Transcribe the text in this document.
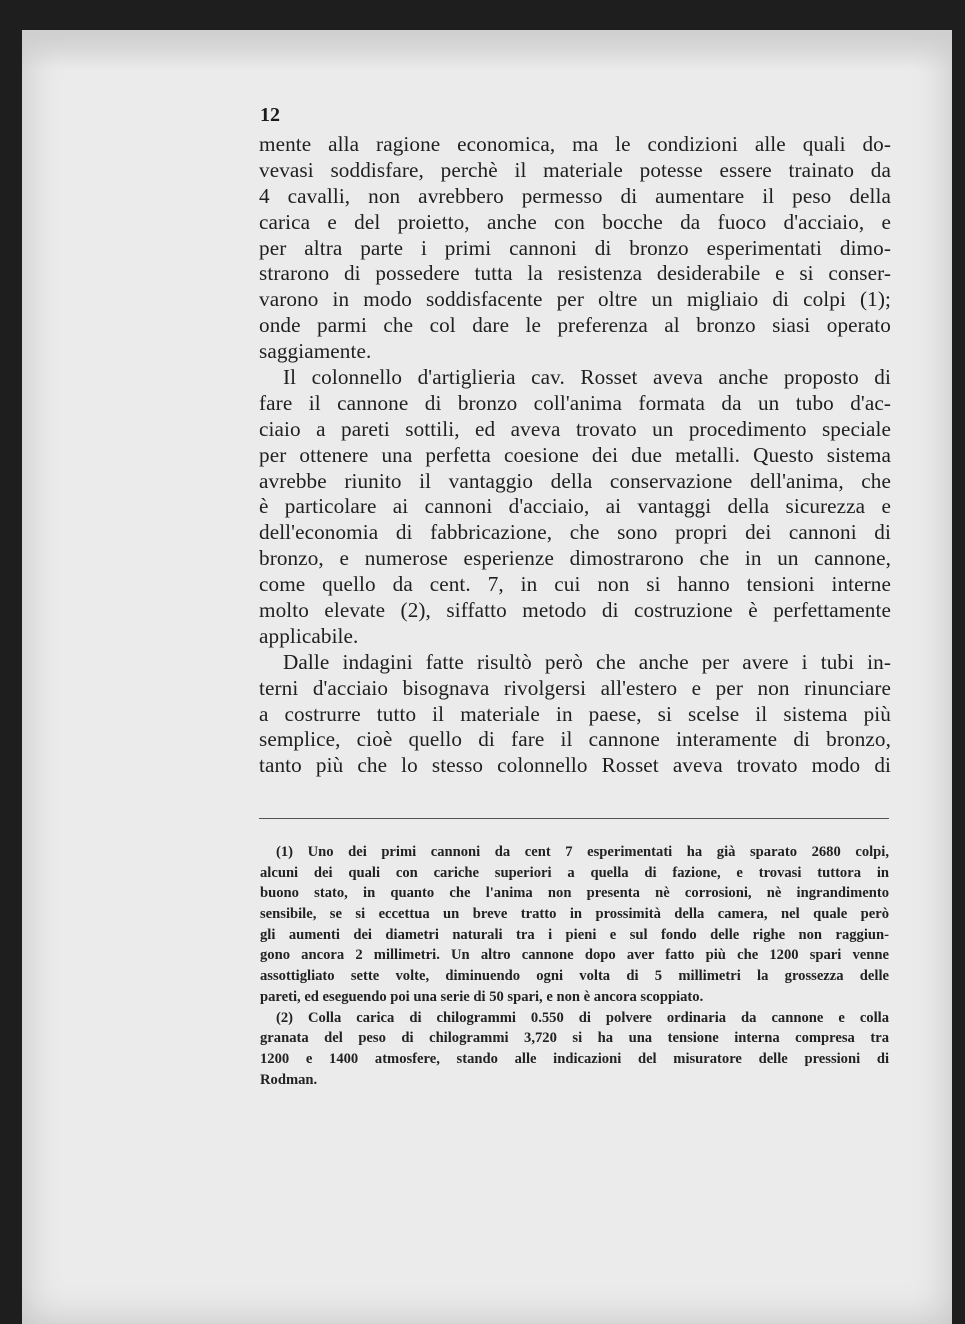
12
mente alla ragione economica, ma le condizioni alle quali do-
vevasi soddisfare, perchè il materiale potesse essere trainato da
4 cavalli, non avrebbero permesso di aumentare il peso della
carica e del proietto, anche con bocche da fuoco d'acciaio, e
per altra parte i primi cannoni di bronzo esperimentati dimo-
strarono di possedere tutta la resistenza desiderabile e si conser-
varono in modo soddisfacente per oltre un migliaio di colpi (1);
onde parmi che col dare le preferenza al bronzo siasi operato
saggiamente.
Il colonnello d'artiglieria cav. Rosset aveva anche proposto di
fare il cannone di bronzo coll'anima formata da un tubo d'ac-
ciaio a pareti sottili, ed aveva trovato un procedimento speciale
per ottenere una perfetta coesione dei due metalli. Questo sistema
avrebbe riunito il vantaggio della conservazione dell'anima, che
è particolare ai cannoni d'acciaio, ai vantaggi della sicurezza e
dell'economia di fabbricazione, che sono propri dei cannoni di
bronzo, e numerose esperienze dimostrarono che in un cannone,
come quello da cent. 7, in cui non si hanno tensioni interne
molto elevate (2), siffatto metodo di costruzione è perfettamente
applicabile.
Dalle indagini fatte risultò però che anche per avere i tubi in-
terni d'acciaio bisognava rivolgersi all'estero e per non rinunciare
a costrurre tutto il materiale in paese, si scelse il sistema più
semplice, cioè quello di fare il cannone interamente di bronzo,
tanto più che lo stesso colonnello Rosset aveva trovato modo di
(1) Uno dei primi cannoni da cent 7 esperimentati ha già sparato 2680 colpi,
alcuni dei quali con cariche superiori a quella di fazione, e trovasi tuttora in
buono stato, in quanto che l'anima non presenta nè corrosioni, nè ingrandimento
sensibile, se si eccettua un breve tratto in prossimità della camera, nel quale però
gli aumenti dei diametri naturali tra i pieni e sul fondo delle righe non raggiun-
gono ancora 2 millimetri. Un altro cannone dopo aver fatto più che 1200 spari venne
assottigliato sette volte, diminuendo ogni volta di 5 millimetri la grossezza delle
pareti, ed eseguendo poi una serie di 50 spari, e non è ancora scoppiato.
(2) Colla carica di chilogrammi 0.550 di polvere ordinaria da cannone e colla
granata del peso di chilogrammi 3,720 si ha una tensione interna compresa tra
1200 e 1400 atmosfere, stando alle indicazioni del misuratore delle pressioni di
Rodman.
